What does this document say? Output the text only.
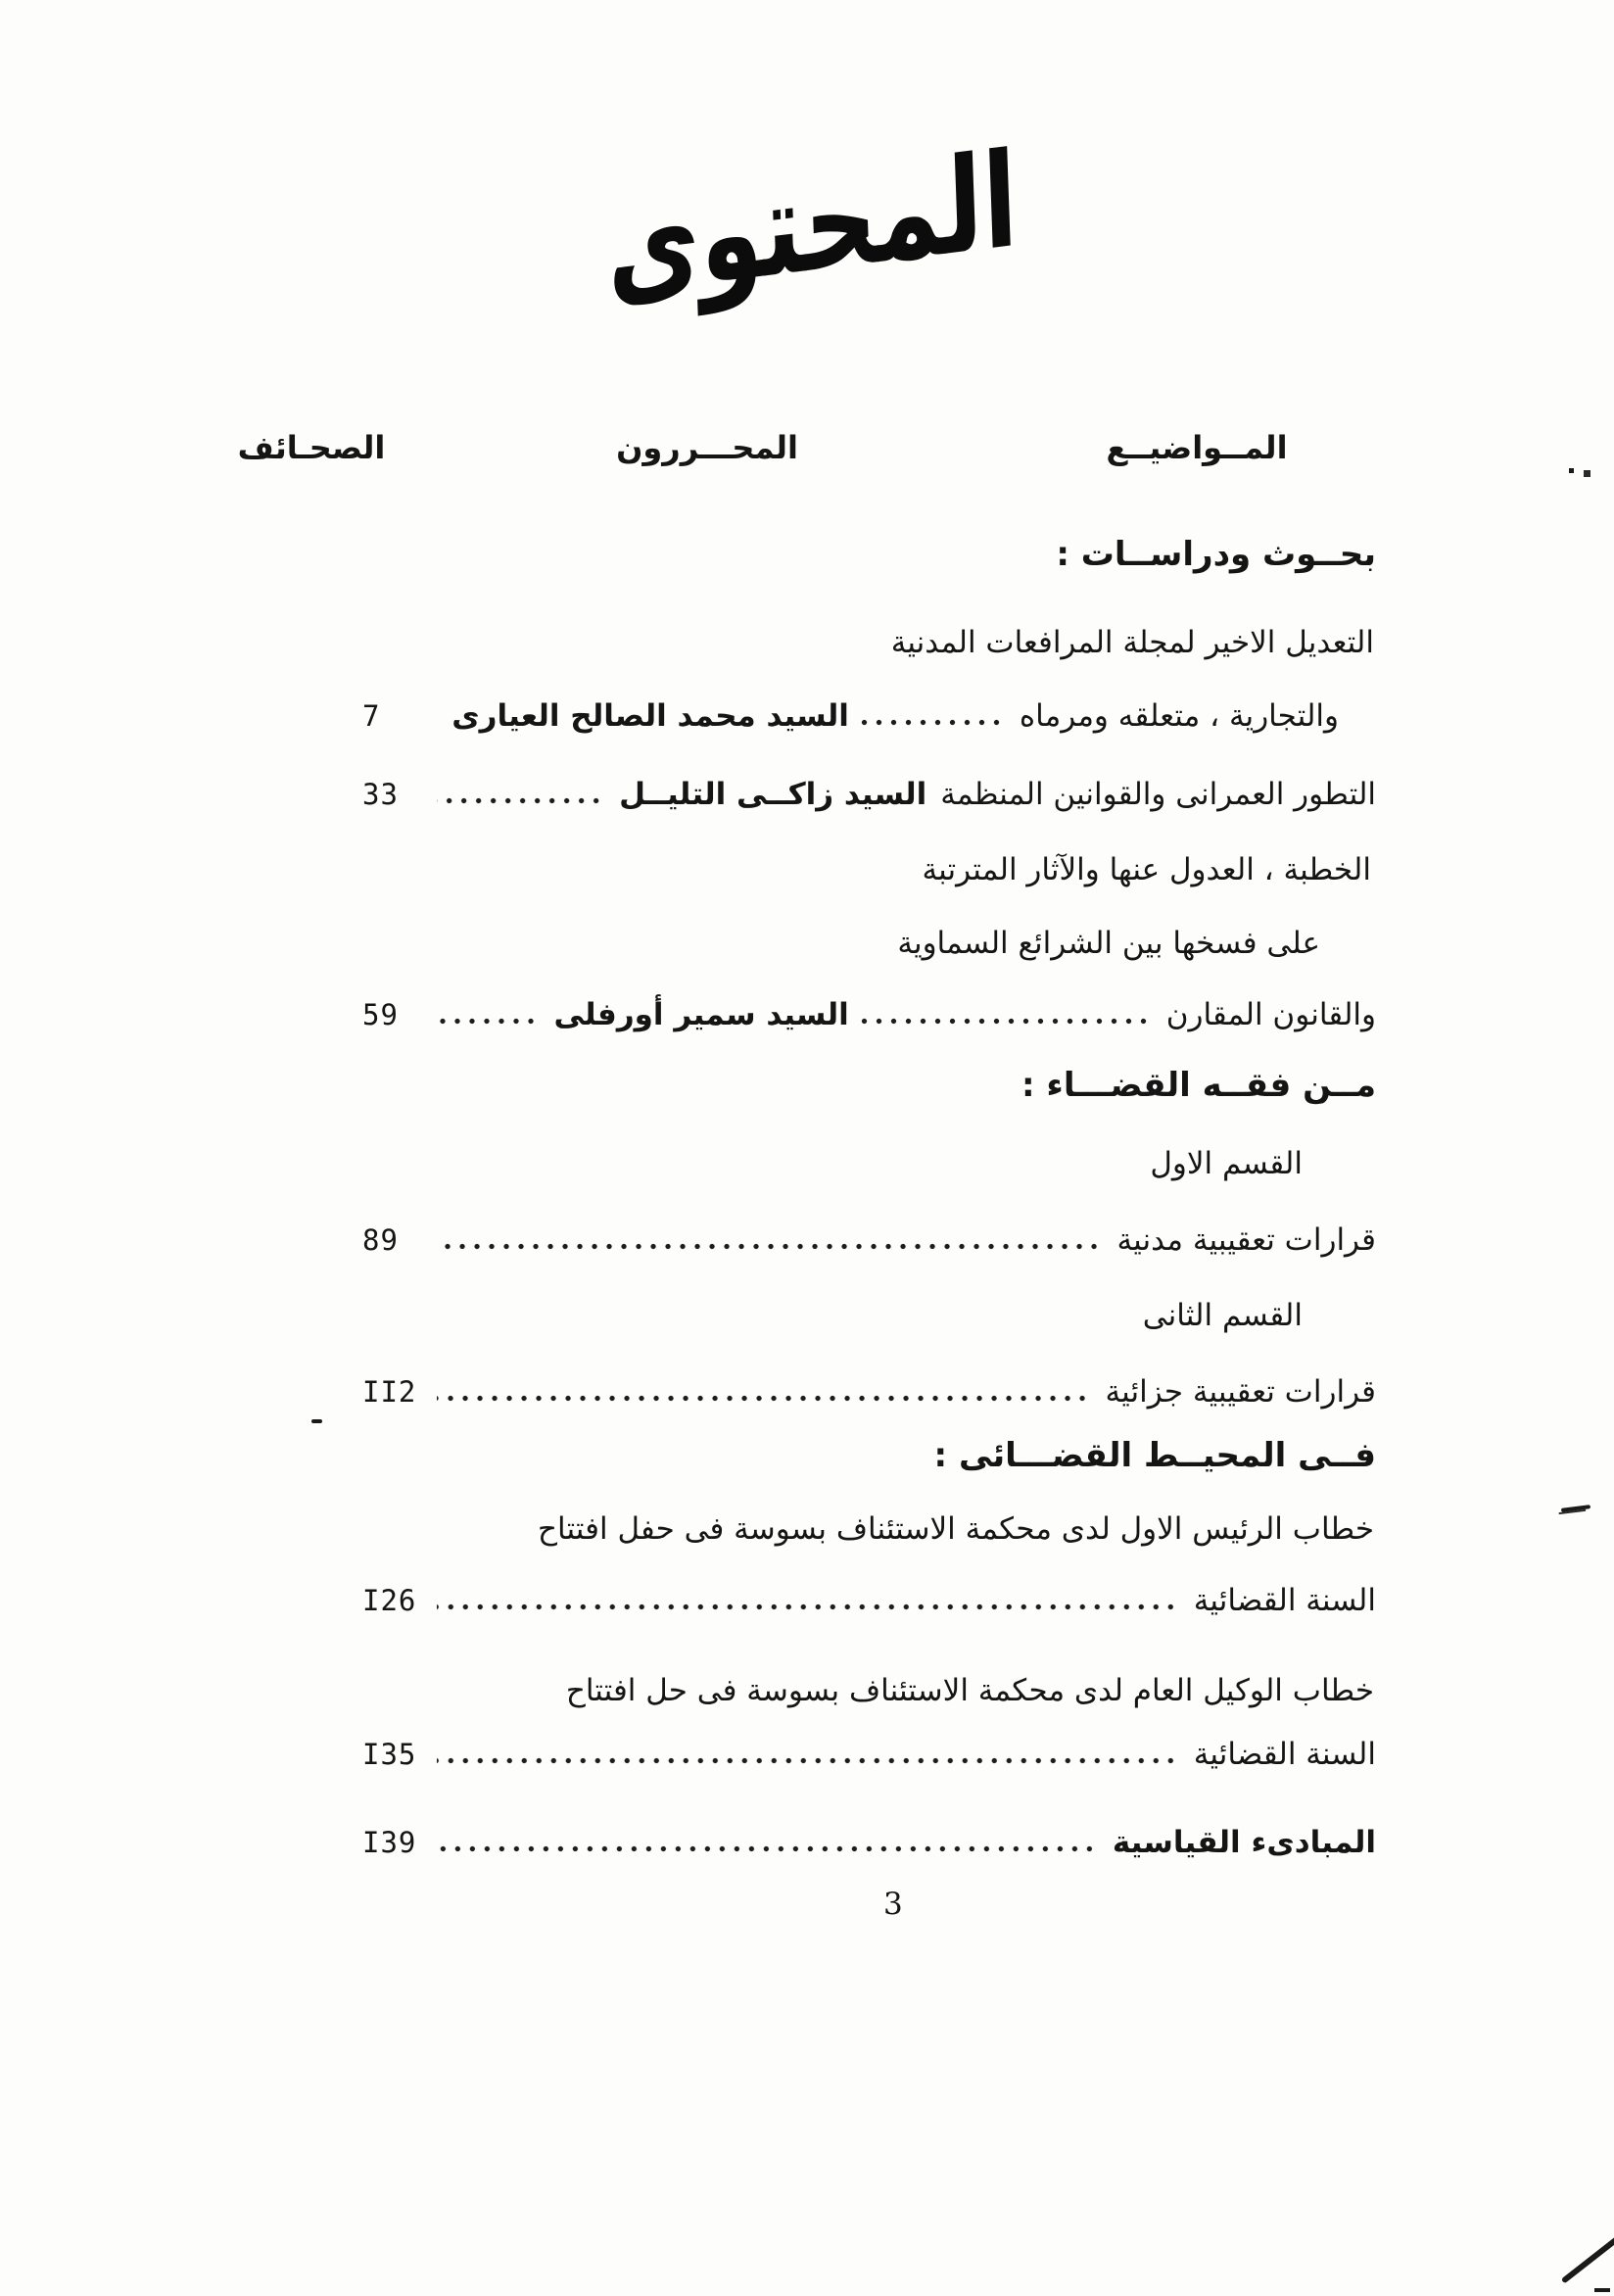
المحتوى
المــواضيــع
المحـــررون
الصحـائف
بحــوث ودراســات :
التعديل الاخير لمجلة المرافعات المدنية
والتجارية ، متعلقه ومرماه
السيد محمد الصالح العيارى
7
التطور العمرانى والقوانين المنظمة
السيد زاكــى التليــل
33
الخطبة ، العدول عنها والآثار المترتبة
على فسخها بين الشرائع السماوية
والقانون المقارن
السيد سمير أورفلى
59
مــن فقــه القضـــاء :
القسم الاول
قرارات تعقيبية مدنية
89
القسم الثانى
قرارات تعقيبية جزائية
II2
فــى المحيــط القضـــائى :
خطاب الرئيس الاول لدى محكمة الاستئناف بسوسة فى حفل افتتاح
السنة القضائية
I26
خطاب الوكيل العام لدى محكمة الاستئناف بسوسة فى حل افتتاح
السنة القضائية
I35
المبادىء القياسية
I39
3
